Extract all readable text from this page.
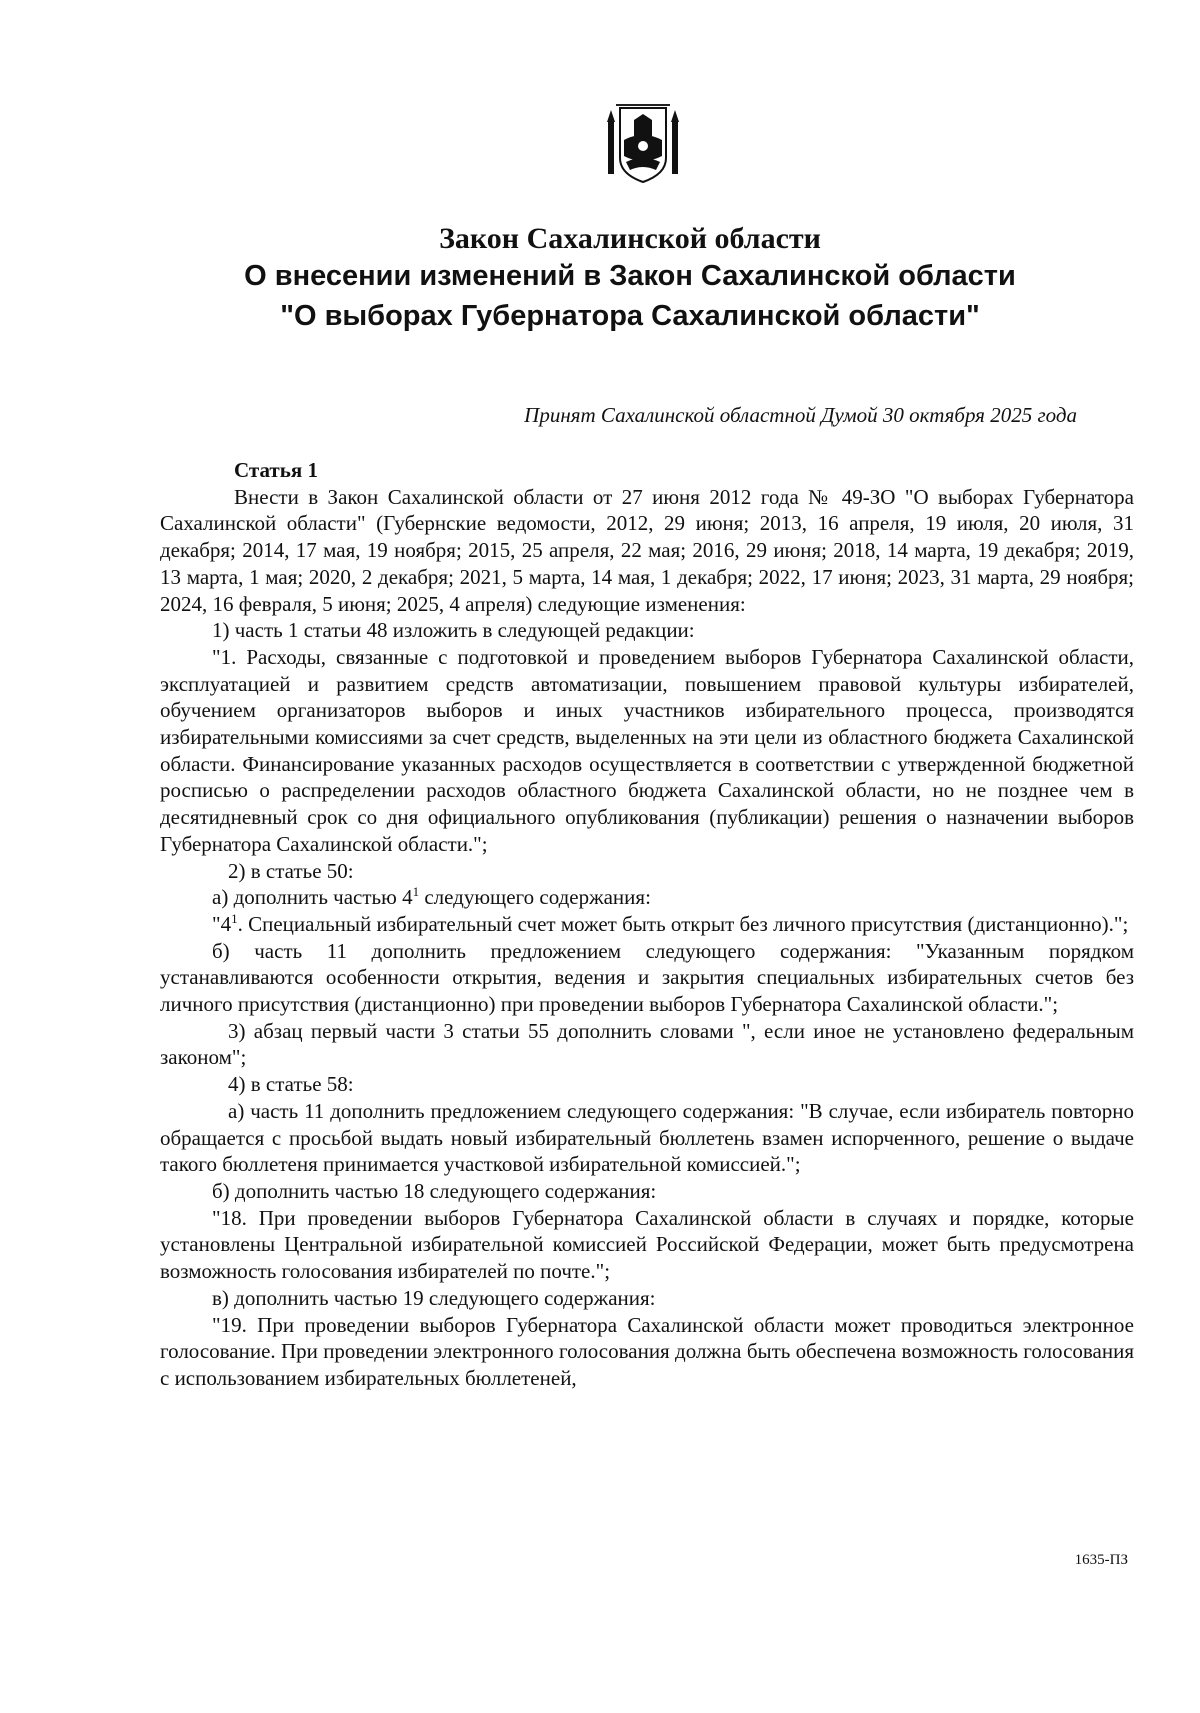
Закон Сахалинской области
О внесении изменений в Закон Сахалинской области "О выборах Губернатора Сахалинской области"
Принят Сахалинской областной Думой 30 октября 2025 года

Статья 1

Внести в Закон Сахалинской области от 27 июня 2012 года № 49-ЗО "О выборах Губернатора Сахалинской области" (Губернские ведомости, 2012, 29 июня; 2013, 16 апреля, 19 июля, 20 июля, 31 декабря; 2014, 17 мая, 19 ноября; 2015, 25 апреля, 22 мая; 2016, 29 июня; 2018, 14 марта, 19 декабря; 2019, 13 марта, 1 мая; 2020, 2 декабря; 2021, 5 марта, 14 мая, 1 декабря; 2022, 17 июня; 2023, 31 марта, 29 ноября; 2024, 16 февраля, 5 июня; 2025, 4 апреля) следующие изменения:

1) часть 1 статьи 48 изложить в следующей редакции:

"1. Расходы, связанные с подготовкой и проведением выборов Губернатора Сахалинской области, эксплуатацией и развитием средств автоматизации, повышением правовой культуры избирателей, обучением организаторов выборов и иных участников избирательного процесса, производятся избирательными комиссиями за счет средств, выделенных на эти цели из областного бюджета Сахалинской области. Финансирование указанных расходов осуществляется в соответствии с утвержденной бюджетной росписью о распределении расходов областного бюджета Сахалинской области, но не позднее чем в десятидневный срок со дня официального опубликования (публикации) решения о назначении выборов Губернатора Сахалинской области.";

2) в статье 50:

а) дополнить частью $4^1$ следующего содержания:

"$4^1$. Специальный избирательный счет может быть открыт без личного присутствия (дистанционно).";

б) часть 11 дополнить предложением следующего содержания: "Указанным порядком устанавливаются особенности открытия, ведения и закрытия специальных избирательных счетов без личного присутствия (дистанционно) при проведении выборов Губернатора Сахалинской области.";

3) абзац первый части 3 статьи 55 дополнить словами ", если иное не установлено федеральным законом";

4) в статье 58:

а) часть 11 дополнить предложением следующего содержания: "В случае, если избиратель повторно обращается с просьбой выдать новый избирательный бюллетень взамен испорченного, решение о выдаче такого бюллетеня принимается участковой избирательной комиссией.";

б) дополнить частью 18 следующего содержания:

"18. При проведении выборов Губернатора Сахалинской области в случаях и порядке, которые установлены Центральной избирательной комиссией Российской Федерации, может быть предусмотрена возможность голосования избирателей по почте.";

в) дополнить частью 19 следующего содержания:

"19. При проведении выборов Губернатора Сахалинской области может проводиться электронное голосование. При проведении электронного голосования должна быть обеспечена возможность голосования с использованием избирательных бюллетеней,

1635-ПЗ
